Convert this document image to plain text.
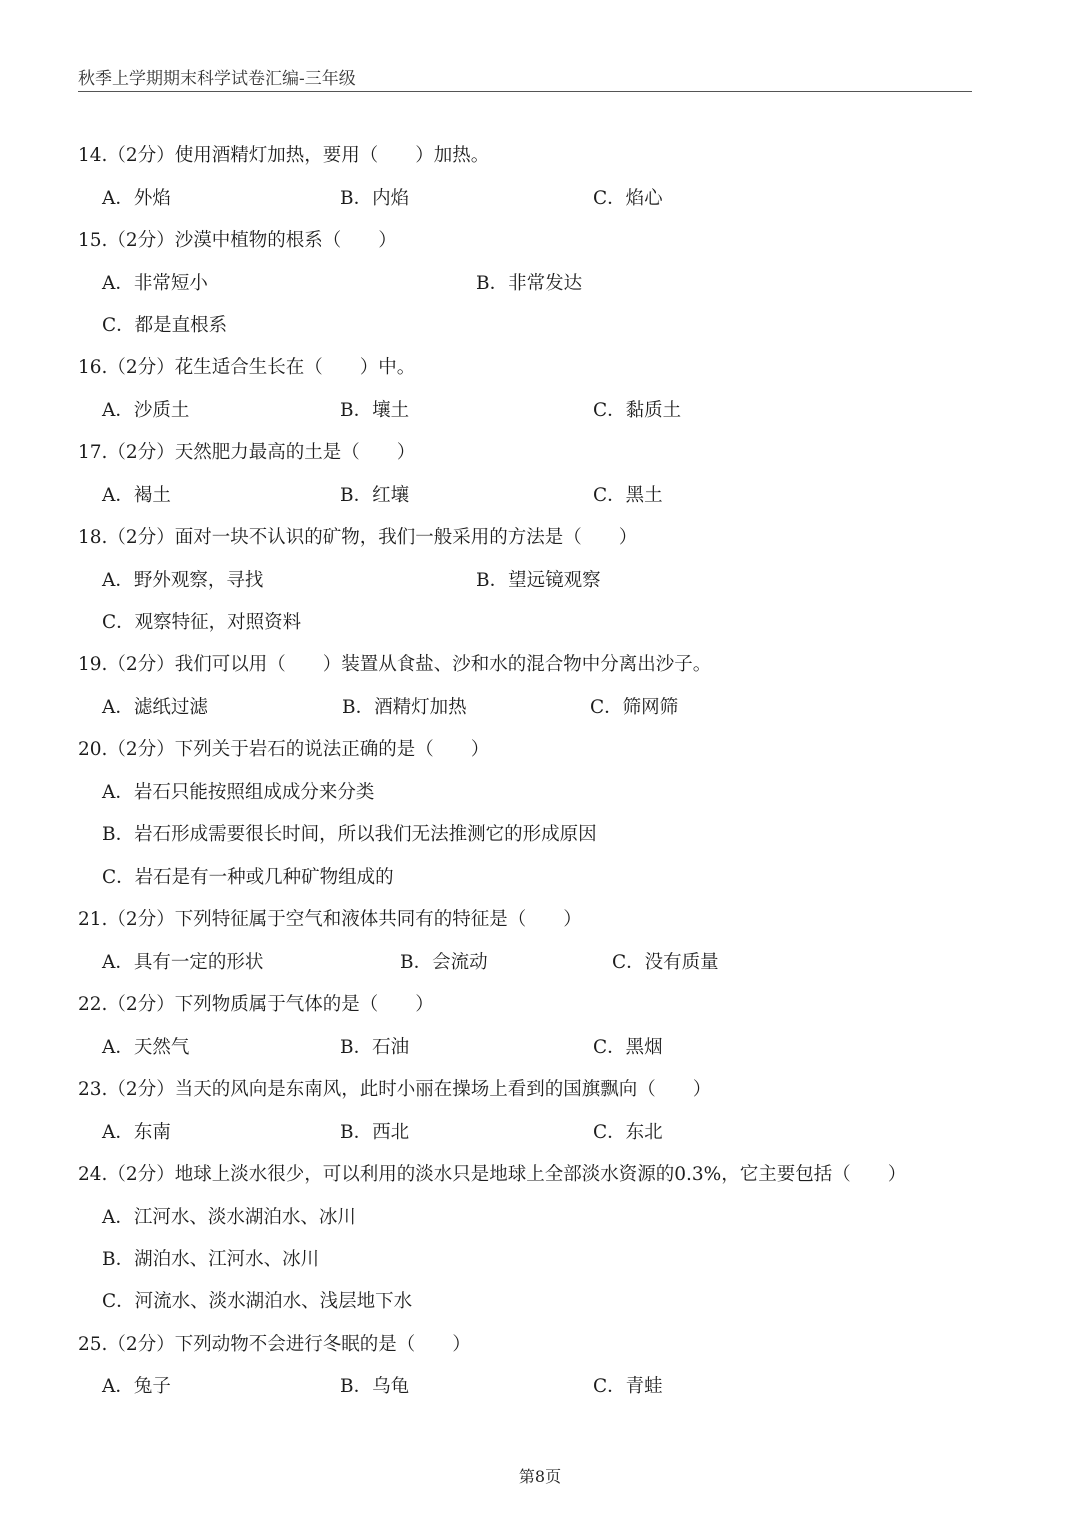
秋季上学期期末科学试卷汇编-三年级
14.（2分）使用酒精灯加热，要用（　　）加热。
A．外焰	B．内焰	C．焰心
15.（2分）沙漠中植物的根系（　　）
A．非常短小	B．非常发达
C．都是直根系
16.（2分）花生适合生长在（　　）中。
A．沙质土	B．壤土	C．黏质土
17.（2分）天然肥力最高的土是（　　）
A．褐土	B．红壤	C．黑土
18.（2分）面对一块不认识的矿物，我们一般采用的方法是（　　）
A．野外观察，寻找	B．望远镜观察
C．观察特征，对照资料
19.（2分）我们可以用（　　）装置从食盐、沙和水的混合物中分离出沙子。
A．滤纸过滤	B．酒精灯加热	C．筛网筛
20.（2分）下列关于岩石的说法正确的是（　　）
A．岩石只能按照组成成分来分类
B．岩石形成需要很长时间，所以我们无法推测它的形成原因
C．岩石是有一种或几种矿物组成的
21.（2分）下列特征属于空气和液体共同有的特征是（　　）
A．具有一定的形状	B．会流动	C．没有质量
22.（2分）下列物质属于气体的是（　　）
A．天然气	B．石油	C．黑烟
23.（2分）当天的风向是东南风，此时小丽在操场上看到的国旗飘向（　　）
A．东南	B．西北	C．东北
24.（2分）地球上淡水很少，可以利用的淡水只是地球上全部淡水资源的0.3%，它主要包括（　　）
A．江河水、淡水湖泊水、冰川
B．湖泊水、江河水、冰川
C．河流水、淡水湖泊水、浅层地下水
25.（2分）下列动物不会进行冬眠的是（　　）
A．兔子	B．乌龟	C．青蛙
第8页
